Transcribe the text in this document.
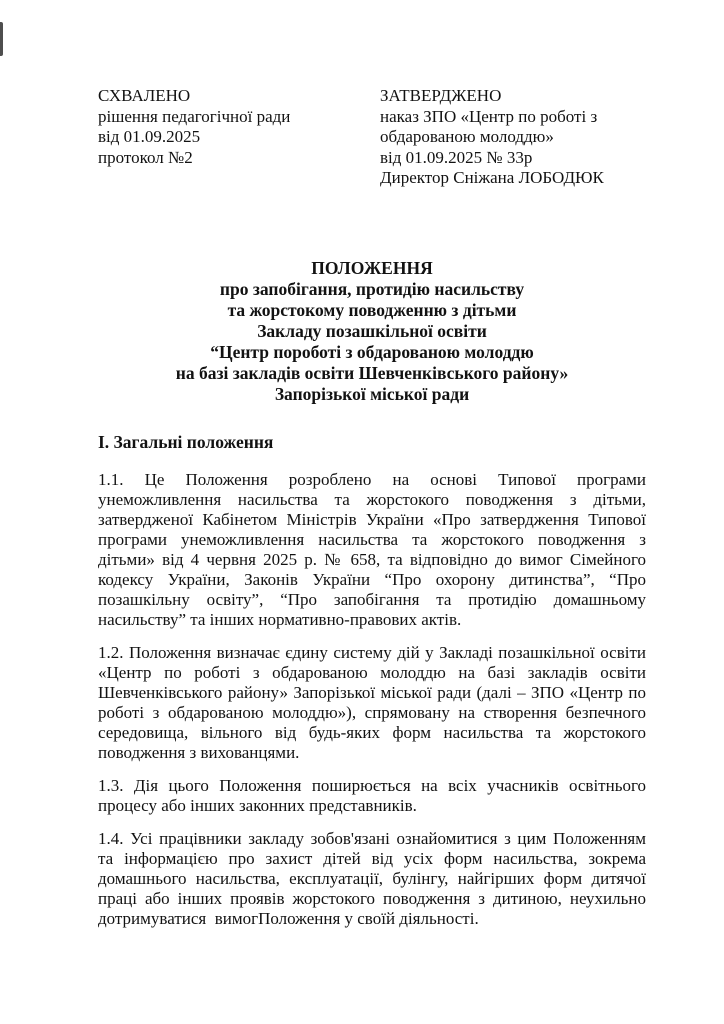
СХВАЛЕНО
рішення педагогічної ради
від 01.09.2025
протокол №2
ЗАТВЕРДЖЕНО
наказ ЗПО «Центр по роботі з
обдарованою молоддю»
від 01.09.2025 № 33р
Директор Сніжана ЛОБОДЮК
ПОЛОЖЕННЯ
про запобігання, протидію насильству
та жорстокому поводженню з дітьми
Закладу позашкільної освіти
“Центр пороботі з обдарованою молоддю
на базі закладів освіти Шевченківського району»
Запорізької міської ради
І. Загальні положення
1.1. Це Положення розроблено на основі Типової програми унеможливлення насильства та жорстокого поводження з дітьми, затвердженої Кабінетом Міністрів України «Про затвердження Типової програми унеможливлення насильства та жорстокого поводження з дітьми» від 4 червня 2025 р. № 658, та відповідно до вимог Сімейного кодексу України, Законів України “Про охорону дитинства”, “Про позашкільну освіту”, “Про запобігання та протидію домашньому насильству” та інших нормативно-правових актів.
1.2. Положення визначає єдину систему дій у Закладі позашкільної освіти «Центр по роботі з обдарованою молоддю на базі закладів освіти Шевченківського району» Запорізької міської ради (далі – ЗПО «Центр по роботі з обдарованою молоддю»), спрямовану на створення безпечного середовища, вільного від будь-яких форм насильства та жорстокого поводження з вихованцями.
1.3. Дія цього Положення поширюється на всіх учасників освітнього процесу або інших законних представників.
1.4. Усі працівники закладу зобов'язані ознайомитися з цим Положенням та інформацією про захист дітей від усіх форм насильства, зокрема домашнього насильства, експлуатації, булінгу, найгірших форм дитячої праці або інших проявів жорстокого поводження з дитиною, неухильно дотримуватися  вимогПоложення у своїй діяльності.
